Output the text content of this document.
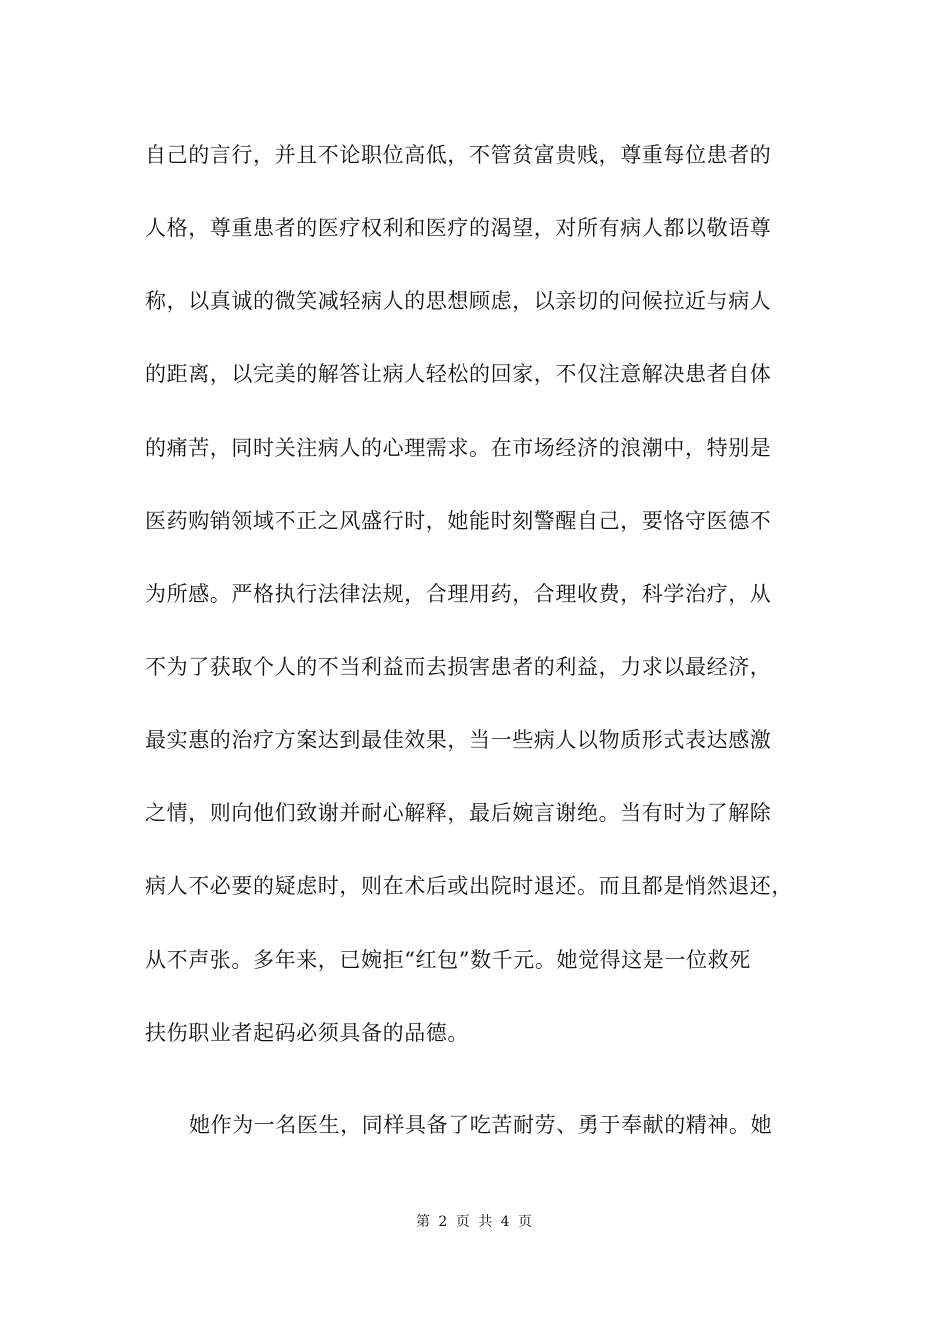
自己的言行，并且不论职位高低，不管贫富贵贱，尊重每位患者的
人格，尊重患者的医疗权利和医疗的渴望，对所有病人都以敬语尊
称，以真诚的微笑减轻病人的思想顾虑，以亲切的问候拉近与病人
的距离，以完美的解答让病人轻松的回家，不仅注意解决患者自体
的痛苦，同时关注病人的心理需求。在市场经济的浪潮中，特别是
医药购销领域不正之风盛行时，她能时刻警醒自己，要恪守医德不
为所感。严格执行法律法规，合理用药，合理收费，科学治疗，从
不为了获取个人的不当利益而去损害患者的利益，力求以最经济，
最实惠的治疗方案达到最佳效果，当一些病人以物质形式表达感激
之情，则向他们致谢并耐心解释，最后婉言谢绝。当有时为了解除
病人不必要的疑虑时，则在术后或出院时退还。而且都是悄然退还，
从不声张。多年来，已婉拒“红包”数千元。她觉得这是一位救死
扶伤职业者起码必须具备的品德。
她作为一名医生，同样具备了吃苦耐劳、勇于奉献的精神。她
第 2 页 共 4 页
